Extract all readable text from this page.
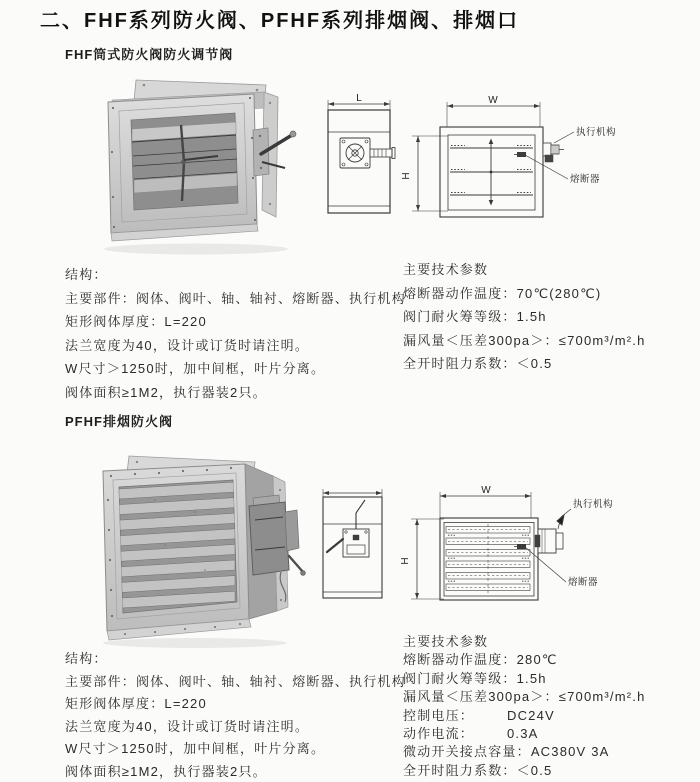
二、FHF系列防火阀、PFHF系列排烟阀、排烟口
FHF筒式防火阀防火调节阀
L	W
H
执行机构
熔断器
结构：
主要部件：阀体、阀叶、轴、轴衬、熔断器、执行机构
矩形阀体厚度：L=220
法兰宽度为40，设计或订货时请注明。
W尺寸＞1250时，加中间框，叶片分离。
阀体面积≥1M2，执行器装2只。
主要技术参数
熔断器动作温度：70℃(280℃)
阀门耐火筹等级：1.5h
漏风量＜压差300pa＞：≤700m³/m².h
全开时阻力系数：＜0.5
PFHF排烟防火阀
W
H
执行机构
熔断器
结构：
主要部件：阀体、阀叶、轴、轴衬、熔断器、执行机构
矩形阀体厚度：L=220
法兰宽度为40，设计或订货时请注明。
W尺寸＞1250时，加中间框，叶片分离。
阀体面积≥1M2，执行器装2只。
主要技术参数
熔断器动作温度：280℃
阀门耐火筹等级：1.5h
漏风量＜压差300pa＞：≤700m³/m².h
控制电压：	DC24V
动作电流：	0.3A
微动开关接点容量：AC380V 3A
全开时阻力系数：＜0.5
